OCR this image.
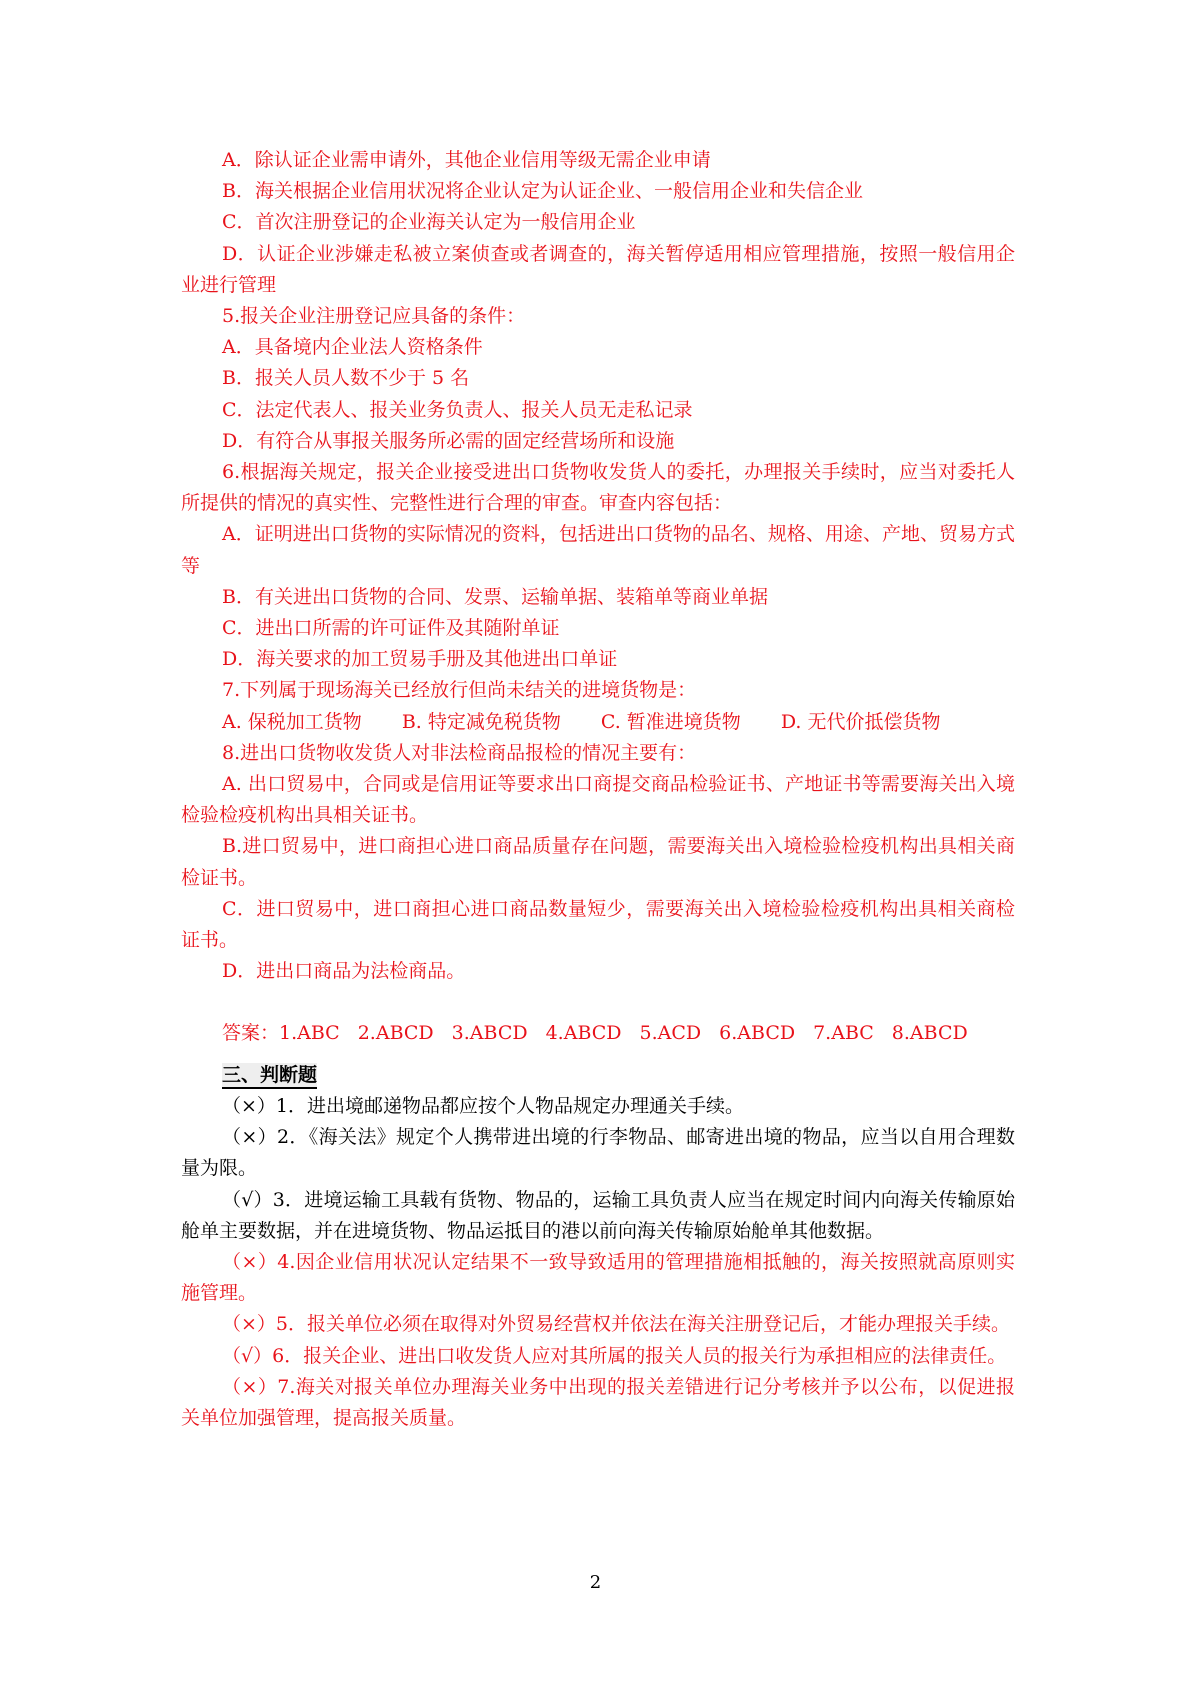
A．除认证企业需申请外，其他企业信用等级无需企业申请

B．海关根据企业信用状况将企业认定为认证企业、一般信用企业和失信企业

C．首次注册登记的企业海关认定为一般信用企业

D．认证企业涉嫌走私被立案侦查或者调查的，海关暂停适用相应管理措施，按照一般信用企业进行管理

5.报关企业注册登记应具备的条件：

A．具备境内企业法人资格条件

B．报关人员人数不少于 5 名

C．法定代表人、报关业务负责人、报关人员无走私记录

D．有符合从事报关服务所必需的固定经营场所和设施

6.根据海关规定，报关企业接受进出口货物收发货人的委托，办理报关手续时，应当对委托人所提供的情况的真实性、完整性进行合理的审查。审查内容包括：

A．证明进出口货物的实际情况的资料，包括进出口货物的品名、规格、用途、产地、贸易方式等

B．有关进出口货物的合同、发票、运输单据、装箱单等商业单据

C．进出口所需的许可证件及其随附单证

D．海关要求的加工贸易手册及其他进出口单证

7.下列属于现场海关已经放行但尚未结关的进境货物是：

A. 保税加工货物 B. 特定减免税货物 C. 暂准进境货物 D. 无代价抵偿货物

8.进出口货物收发货人对非法检商品报检的情况主要有：

A. 出口贸易中，合同或是信用证等要求出口商提交商品检验证书、产地证书等需要海关出入境检验检疫机构出具相关证书。

B.进口贸易中，进口商担心进口商品质量存在问题，需要海关出入境检验检疫机构出具相关商检证书。

C．进口贸易中，进口商担心进口商品数量短少，需要海关出入境检验检疫机构出具相关商检证书。

D．进出口商品为法检商品。

答案：1.ABC 2.ABCD 3.ABCD 4.ABCD 5.ACD 6.ABCD 7.ABC 8.ABCD

三、判断题

（×）1．进出境邮递物品都应按个人物品规定办理通关手续。

（×）2．《海关法》规定个人携带进出境的行李物品、邮寄进出境的物品，应当以自用合理数量为限。

（√）3．进境运输工具载有货物、物品的，运输工具负责人应当在规定时间内向海关传输原始舱单主要数据，并在进境货物、物品运抵目的港以前向海关传输原始舱单其他数据。

（×）4.因企业信用状况认定结果不一致导致适用的管理措施相抵触的，海关按照就高原则实施管理。

（×）5．报关单位必须在取得对外贸易经营权并依法在海关注册登记后，才能办理报关手续。

（√）6．报关企业、进出口收发货人应对其所属的报关人员的报关行为承担相应的法律责任。

（×）7.海关对报关单位办理海关业务中出现的报关差错进行记分考核并予以公布，以促进报关单位加强管理，提高报关质量。

2
